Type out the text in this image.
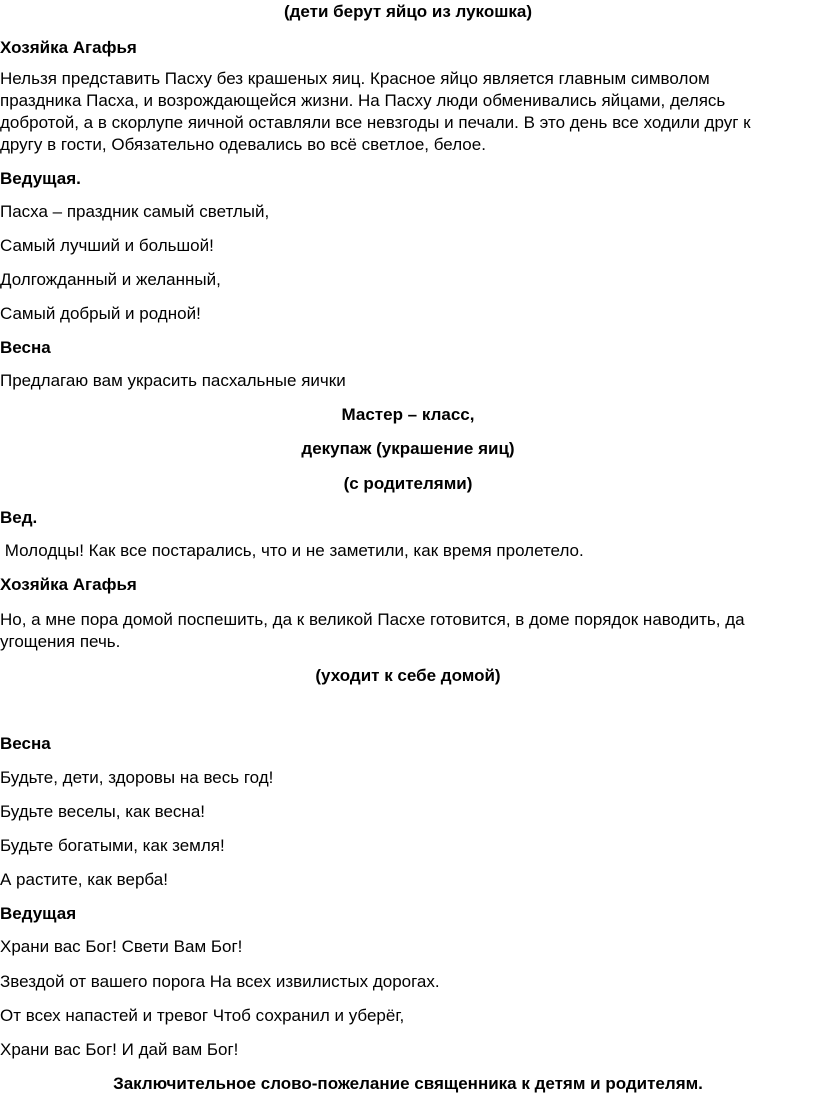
(дети берут яйцо из лукошка)

Хозяйка Агафья

Нельзя представить Пасху без крашеных яиц. Красное яйцо является главным символом

праздника Пасха, и возрождающейся жизни. На Пасху люди обменивались яйцами, делясь

добротой, а в скорлупе яичной оставляли все невзгоды и печали. В это день все ходили друг к

другу в гости, Обязательно одевались во всё светлое, белое.

Ведущая.

Пасха – праздник самый светлый,

Самый лучший и большой!

Долгожданный и желанный,

Самый добрый и родной!

Весна

Предлагаю вам украсить пасхальные яички

Мастер – класс,

декупаж (украшение яиц)

(с родителями)

Вед.

Молодцы! Как все постарались, что и не заметили, как время пролетело.

Хозяйка Агафья

Но, а мне пора домой поспешить, да к великой Пасхе готовится, в доме порядок наводить, да

угощения печь.

(уходит к себе домой)

Весна

Будьте, дети, здоровы на весь год!

Будьте веселы, как весна!

Будьте богатыми, как земля!

А растите, как верба!

Ведущая

Храни вас Бог! Свети Вам Бог!

Звездой от вашего порога На всех извилистых дорогах.

От всех напастей и тревог Чтоб сохранил и уберёг,

Храни вас Бог! И дай вам Бог!

Заключительное слово-пожелание священника к детям и родителям.
